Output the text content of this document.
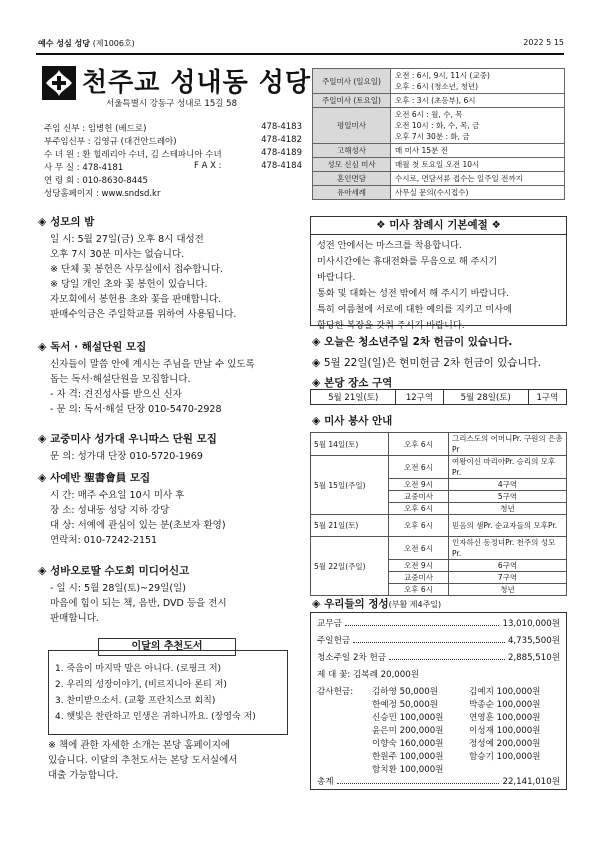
예수 성심 성당 (제1006호)	2022 5 15
천주교 성내동 성당
서울특별시 강동구 성내로 15길 58
주임 신부 : 임병헌 (베드로)	478-4183
부주임신부 : 김영규 (대건안드레아)	478-4182
수 녀 원 : 환 힐레리아 수녀, 김 스테파니아 수녀	478-4189
사 무 실 : 478-4181	F A X :	478-4184
연 령 회 : 010-8630-8445
성당홈페이지 : www.sndsd.kr
주일미사 (일요일)	오전 : 6시, 9시, 11시 (교중)
오후 : 6시 (청소년, 청년)

주일미사 (토요일)	오후 : 3시 (초등부), 6시

평일미사	오전 6시 : 월, 수, 목
오전 10시 : 화, 수, 목, 금
오후 7시 30분 : 화, 금

고해성사	매 미사 15분 전

성모 신심 미사	매월 첫 토요일 오전 10시

혼인면담	수시로, 면담서류 접수는 일주일 전까지

유아세례	사무실 문의(수시접수)
◈ 성모의 밤
일 시: 5월 27일(금) 오후 8시 대성전
오후 7시 30분 미사는 없습니다.
※ 단체 꽃 봉헌은 사무실에서 접수합니다.
※ 당일 개인 초와 꽃 봉헌이 있습니다.
자모회에서 봉헌용 초와 꽃을 판매합니다.
판매수익금은 주일학교를 위하여 사용됩니다.
◈ 독서 · 해설단원 모집
신자들이 말씀 안에 계시는 주님을 만날 수 있도록
돕는 독서·해설단원을 모집합니다.
- 자 격: 견진성사를 받으신 신자
- 문 의: 독서·해설 단장 010-5470-2928
◈ 교중미사 성가대 우니따스 단원 모집
문 의: 성가대 단장 010-5720-1969
◈ 사예반 聖書會員 모집
시 간: 매주 수요일 10시 미사 후
장 소: 성내동 성당 지하 강당
대 상: 서예에 관심이 있는 분(초보자 환영)
연락처: 010-7242-2151
◈ 성바오로딸 수도회 미디어신고
- 일 시: 5월 28일(토)~29일(일)
마음에 힘이 되는 책, 음반, DVD 등을 전시
판매합니다.
이달의 추천도서
1. 죽음이 마지막 말은 아니다. (로핑크 저)
2. 우리의 성장이야기, (비르지니아 론티 저)
3. 찬미받으소서. (교황 프란치스코 회칙)
4. 햇빛은 찬란하고 인생은 귀하니까요. (장영숙 저)
※ 책에 관한 자세한 소개는 본당 홈페이지에
있습니다. 이달의 추천도서는 본당 도서실에서
대출 가능합니다.
❖ 미사 참례시 기본예절 ❖
성전 안에서는 마스크를 착용합니다.
미사시간에는 휴대전화를 무음으로 해 주시기
바랍니다.
통화 및 대화는 성전 밖에서 해 주시기 바랍니다.
특히 여름철에 서로에 대한 예의를 지키고 미사에
합당한 복장을 갖춰 주시기 바랍니다.
◈ 오늘은 청소년주일 2차 헌금이 있습니다.
◈ 5월 22일(일)은 현미헌금 2차 헌금이 있습니다.
◈ 본당 장소 구역
5월 21일(토)	12구역	5월 28일(토)	1구역
◈ 미사 봉사 안내
5월 14일(토)	오후 6시	그리스도의 어머니Pr. 구원의 은총Pr
5월 15일(주일)	오전 6시	여왕이신 마리아Pr. 승리의 모후Pr.
	오전 9시	4구역
	교중미사	5구역
	오후 6시	청년
5월 21일(토)	오후 6시	믿음의 샘Pr. 순교자들의 모후Pr.
5월 22일(주일)	오전 6시	인자하신 동정녀Pr. 천주의 성모Pr.
	오전 9시	6구역
	교중미사	7구역
	오후 6시	청년
◈ 우리들의 정성(부활 제4주일)
교무금	13,010,000원
주일헌금	4,735,500원
청소주일 2차 헌금	2,885,510원
제 대 꽃: 김복례 20,000원
감사헌금: 김하영 50,000원	김예지 100,000원
한예정 50,000원	박종순 100,000원
신승민 100,000원	연영훈 100,000원
윤은미 200,000원	이성재 100,000원
이향숙 160,000원	정성예 200,000원
한원주 100,000원	함승기 100,000원
함치환 100,000원
총계	22,141,010원
